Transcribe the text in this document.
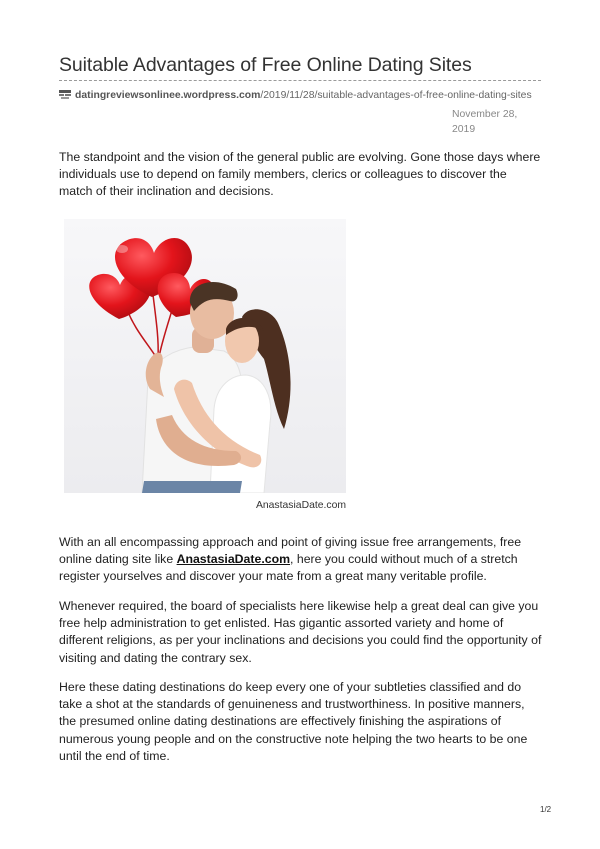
Suitable Advantages of Free Online Dating Sites
datingreviewsonlinee.wordpress.com/2019/11/28/suitable-advantages-of-free-online-dating-sites
November 28,
2019

The standpoint and the vision of the general public are evolving. Gone those days where individuals use to depend on family members, clerics or colleagues to discover the match of their inclination and decisions.

AnastasiaDate.com

With an all encompassing approach and point of giving issue free arrangements, free online dating site like AnastasiaDate.com, here you could without much of a stretch register yourselves and discover your mate from a great many veritable profile.

Whenever required, the board of specialists here likewise help a great deal can give you free help administration to get enlisted. Has gigantic assorted variety and home of different religions, as per your inclinations and decisions you could find the opportunity of visiting and dating the contrary sex.

Here these dating destinations do keep every one of your subtleties classified and do take a shot at the standards of genuineness and trustworthiness. In positive manners, the presumed online dating destinations are effectively finishing the aspirations of numerous young people and on the constructive note helping the two hearts to be one until the end of time.

1/2
